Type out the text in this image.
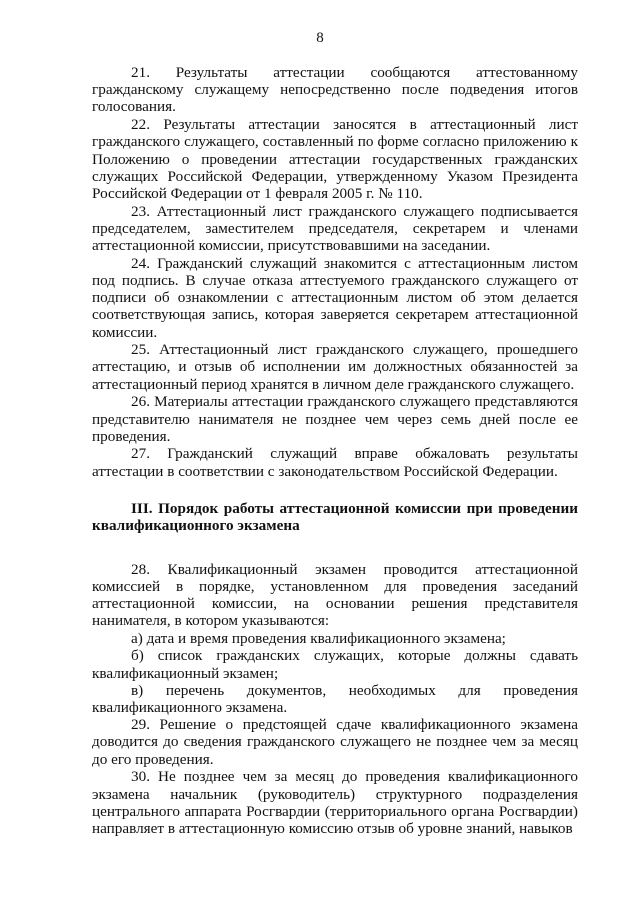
8

21. Результаты аттестации сообщаются аттестованному гражданскому служащему непосредственно после подведения итогов голосования.

22. Результаты аттестации заносятся в аттестационный лист гражданского служащего, составленный по форме согласно приложению к Положению о проведении аттестации государственных гражданских служащих Российской Федерации, утвержденному Указом Президента Российской Федерации от 1 февраля 2005 г. № 110.

23. Аттестационный лист гражданского служащего подписывается председателем, заместителем председателя, секретарем и членами аттестационной комиссии, присутствовавшими на заседании.

24. Гражданский служащий знакомится с аттестационным листом под подпись. В случае отказа аттестуемого гражданского служащего от подписи об ознакомлении с аттестационным листом об этом делается соответствующая запись, которая заверяется секретарем аттестационной комиссии.

25. Аттестационный лист гражданского служащего, прошедшего аттестацию, и отзыв об исполнении им должностных обязанностей за аттестационный период хранятся в личном деле гражданского служащего.

26. Материалы аттестации гражданского служащего представляются представителю нанимателя не позднее чем через семь дней после ее проведения.

27. Гражданский служащий вправе обжаловать результаты аттестации в соответствии с законодательством Российской Федерации.

III. Порядок работы аттестационной комиссии при проведении квалификационного экзамена

28. Квалификационный экзамен проводится аттестационной комиссией в порядке, установленном для проведения заседаний аттестационной комиссии, на основании решения представителя нанимателя, в котором указываются:

а) дата и время проведения квалификационного экзамена;

б) список гражданских служащих, которые должны сдавать квалификационный экзамен;

в) перечень документов, необходимых для проведения квалификационного экзамена.

29. Решение о предстоящей сдаче квалификационного экзамена доводится до сведения гражданского служащего не позднее чем за месяц до его проведения.

30. Не позднее чем за месяц до проведения квалификационного экзамена начальник (руководитель) структурного подразделения центрального аппарата Росгвардии (территориального органа Росгвардии) направляет в аттестационную комиссию отзыв об уровне знаний, навыков
